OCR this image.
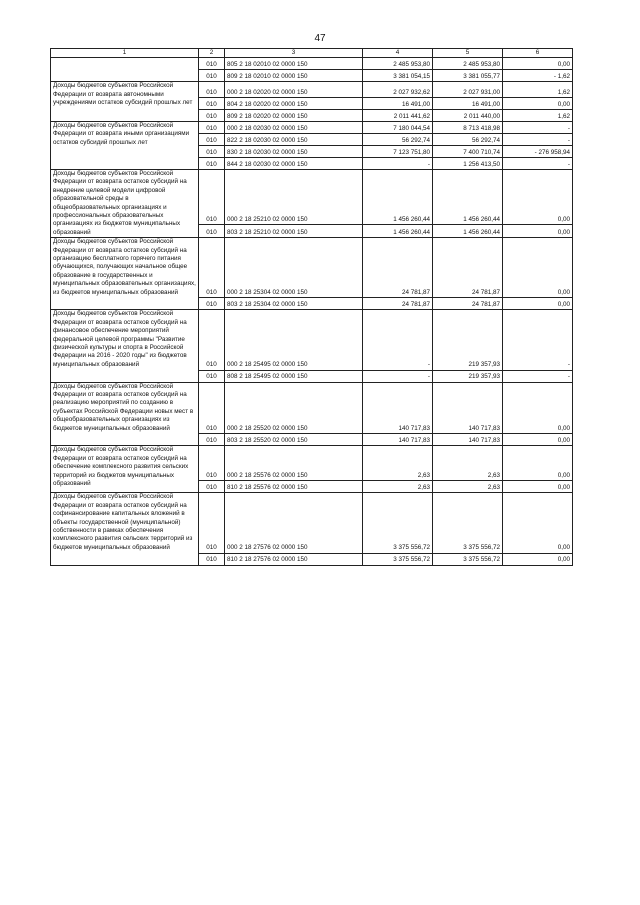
47
1	2	3	4	5	6
	010	805 2 18 02010 02 0000 150	2 485 953,80	2 485 953,80	0,00
	010	809 2 18 02010 02 0000 150	3 381 054,15	3 381 055,77	- 1,62
Доходы бюджетов субъектов Российской Федерации от возврата автономными учреждениями остатков субсидий прошлых лет	010	000 2 18 02020 02 0000 150	2 027 932,62	2 027 931,00	1,62
	010	804 2 18 02020 02 0000 150	16 491,00	16 491,00	0,00
	010	809 2 18 02020 02 0000 150	2 011 441,62	2 011 440,00	1,62
Доходы бюджетов субъектов Российской Федерации от возврата иными организациями остатков субсидий прошлых лет	010	000 2 18 02030 02 0000 150	7 180 044,54	8 713 418,98	-
	010	822 2 18 02030 02 0000 150	56 292,74	56 292,74	-
	010	830 2 18 02030 02 0000 150	7 123 751,80	7 400 710,74	- 276 958,94
	010	844 2 18 02030 02 0000 150	-	1 256 413,50	-
Доходы бюджетов субъектов Российской Федерации от возврата остатков субсидий на внедрение целевой модели цифровой образовательной среды в общеобразовательных организациях и профессиональных образовательных организациях из бюджетов муниципальных образований	010	000 2 18 25210 02 0000 150	1 456 260,44	1 456 260,44	0,00
	010	803 2 18 25210 02 0000 150	1 456 260,44	1 456 260,44	0,00
Доходы бюджетов субъектов Российской Федерации от возврата остатков субсидий на организацию бесплатного горячего питания обучающихся, получающих начальное общее образование в государственных и муниципальных образовательных организациях, из бюджетов муниципальных образований	010	000 2 18 25304 02 0000 150	24 781,87	24 781,87	0,00
	010	803 2 18 25304 02 0000 150	24 781,87	24 781,87	0,00
Доходы бюджетов субъектов Российской Федерации от возврата остатков субсидий на финансовое обеспечение мероприятий федеральной целевой программы "Развитие физической культуры и спорта в Российской Федерации на 2016 - 2020 годы" из бюджетов муниципальных образований	010	000 2 18 25495 02 0000 150	-	219 357,93	-
	010	808 2 18 25495 02 0000 150	-	219 357,93	-
Доходы бюджетов субъектов Российской Федерации от возврата остатков субсидий на реализацию мероприятий по созданию в субъектах Российской Федерации новых мест в общеобразовательных организациях из бюджетов муниципальных образований	010	000 2 18 25520 02 0000 150	140 717,83	140 717,83	0,00
	010	803 2 18 25520 02 0000 150	140 717,83	140 717,83	0,00
Доходы бюджетов субъектов Российской Федерации от возврата остатков субсидий на обеспечение комплексного развития сельских территорий из бюджетов муниципальных образований	010	000 2 18 25576 02 0000 150	2,63	2,63	0,00
	010	810 2 18 25576 02 0000 150	2,63	2,63	0,00
Доходы бюджетов субъектов Российской Федерации от возврата остатков субсидий на софинансирование капитальных вложений в объекты государственной (муниципальной) собственности в рамках обеспечения комплексного развития сельских территорий из бюджетов муниципальных образований	010	000 2 18 27576 02 0000 150	3 375 556,72	3 375 556,72	0,00
	010	810 2 18 27576 02 0000 150	3 375 556,72	3 375 556,72	0,00
